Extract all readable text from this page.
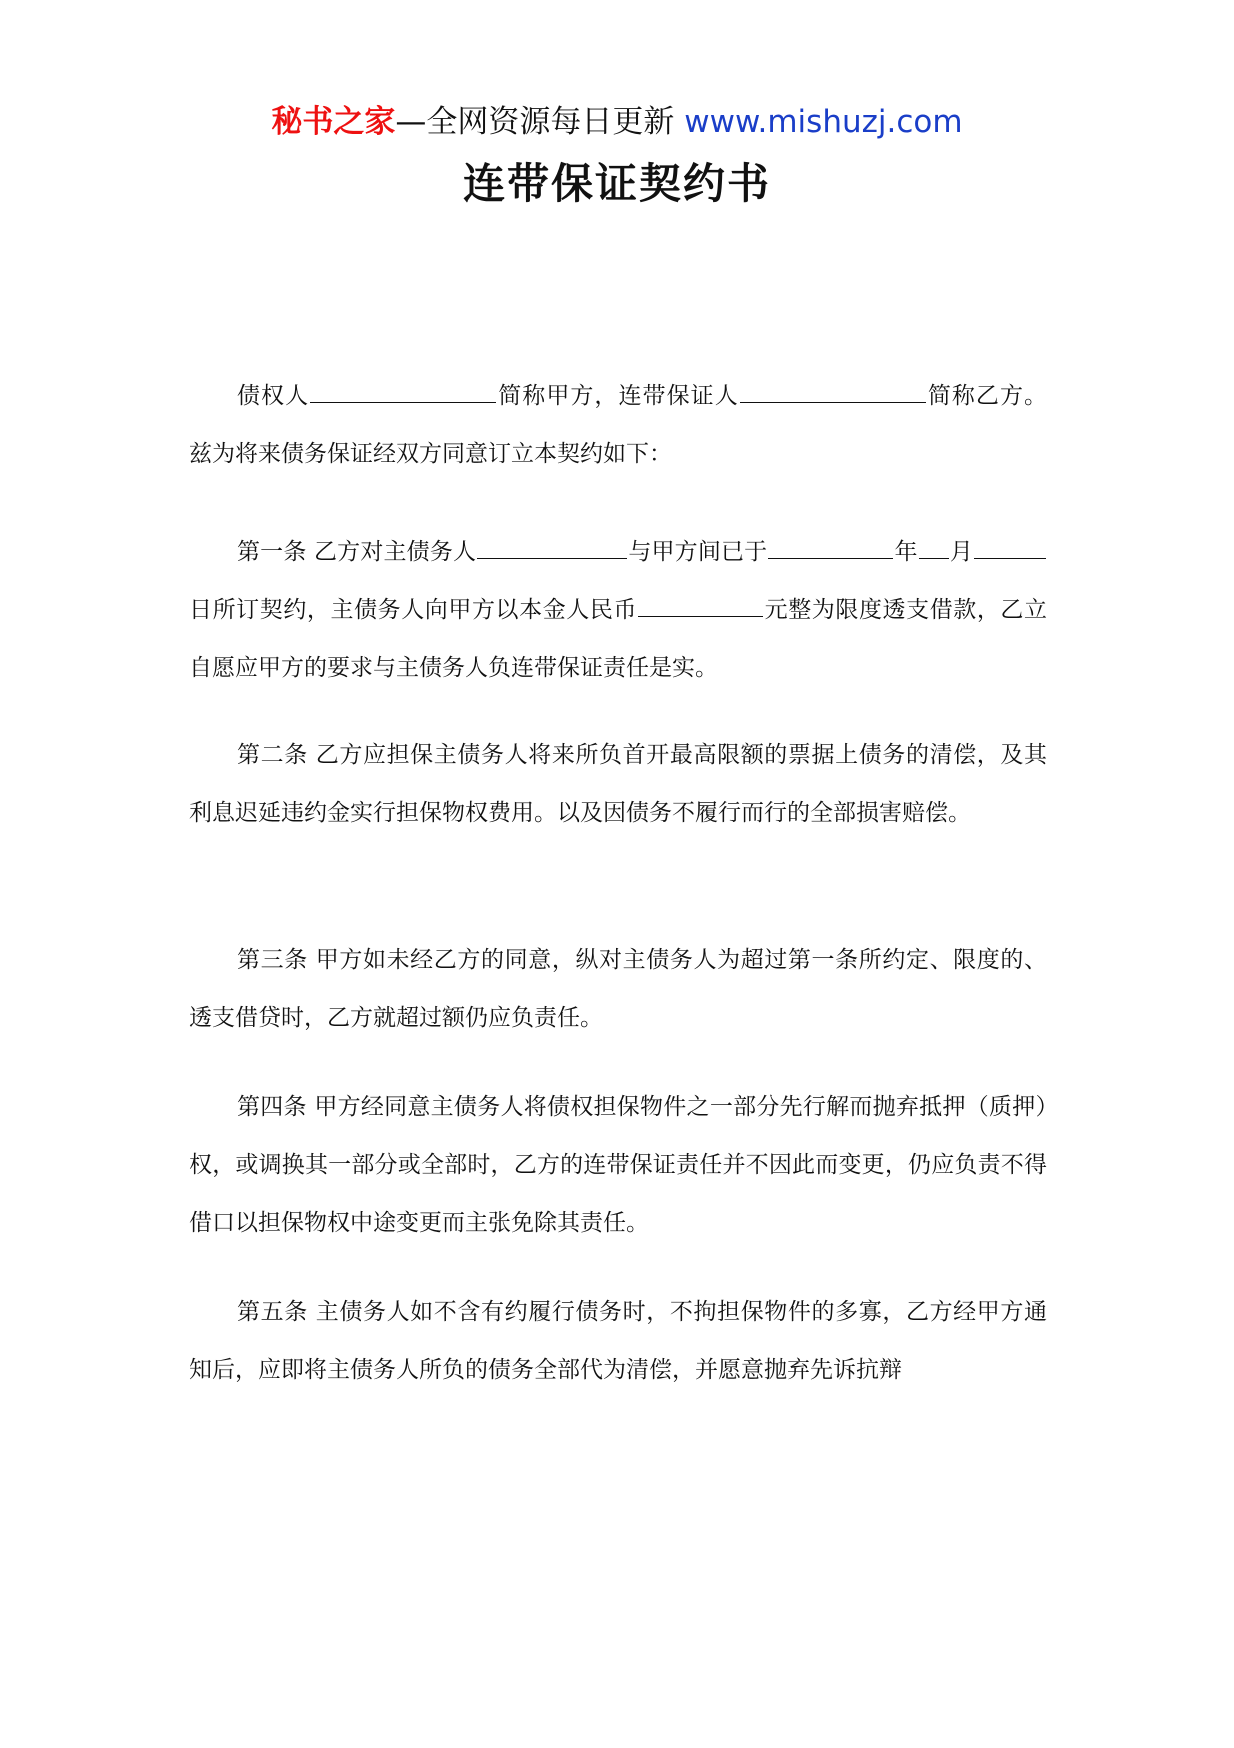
秘书之家—全网资源每日更新 www.mishuzj.com
连带保证契约书

债权人	简称甲方，连带保证人	简称乙方。兹为将来债务保证经双方同意订立本契约如下：

第一条 乙方对主债务人	与甲方间已于	年 月日所订契约，主债务人向甲方以本金人民币	元整为限度透支借款，乙立自愿应甲方的要求与主债务人负连带保证责任是实。

第二条 乙方应担保主债务人将来所负首开最高限额的票据上债务的清偿，及其利息迟延违约金实行担保物权费用。以及因债务不履行而行的全部损害赔偿。

第三条 甲方如未经乙方的同意，纵对主债务人为超过第一条所约定、限度的、透支借贷时，乙方就超过额仍应负责任。

第四条 甲方经同意主债务人将债权担保物件之一部分先行解而抛弃抵押（质押）权，或调换其一部分或全部时，乙方的连带保证责任并不因此而变更，仍应负责不得借口以担保物权中途变更而主张免除其责任。

第五条 主债务人如不含有约履行债务时，不拘担保物件的多寡，乙方经甲方通知后，应即将主债务人所负的债务全部代为清偿，并愿意抛弃先诉抗辩
